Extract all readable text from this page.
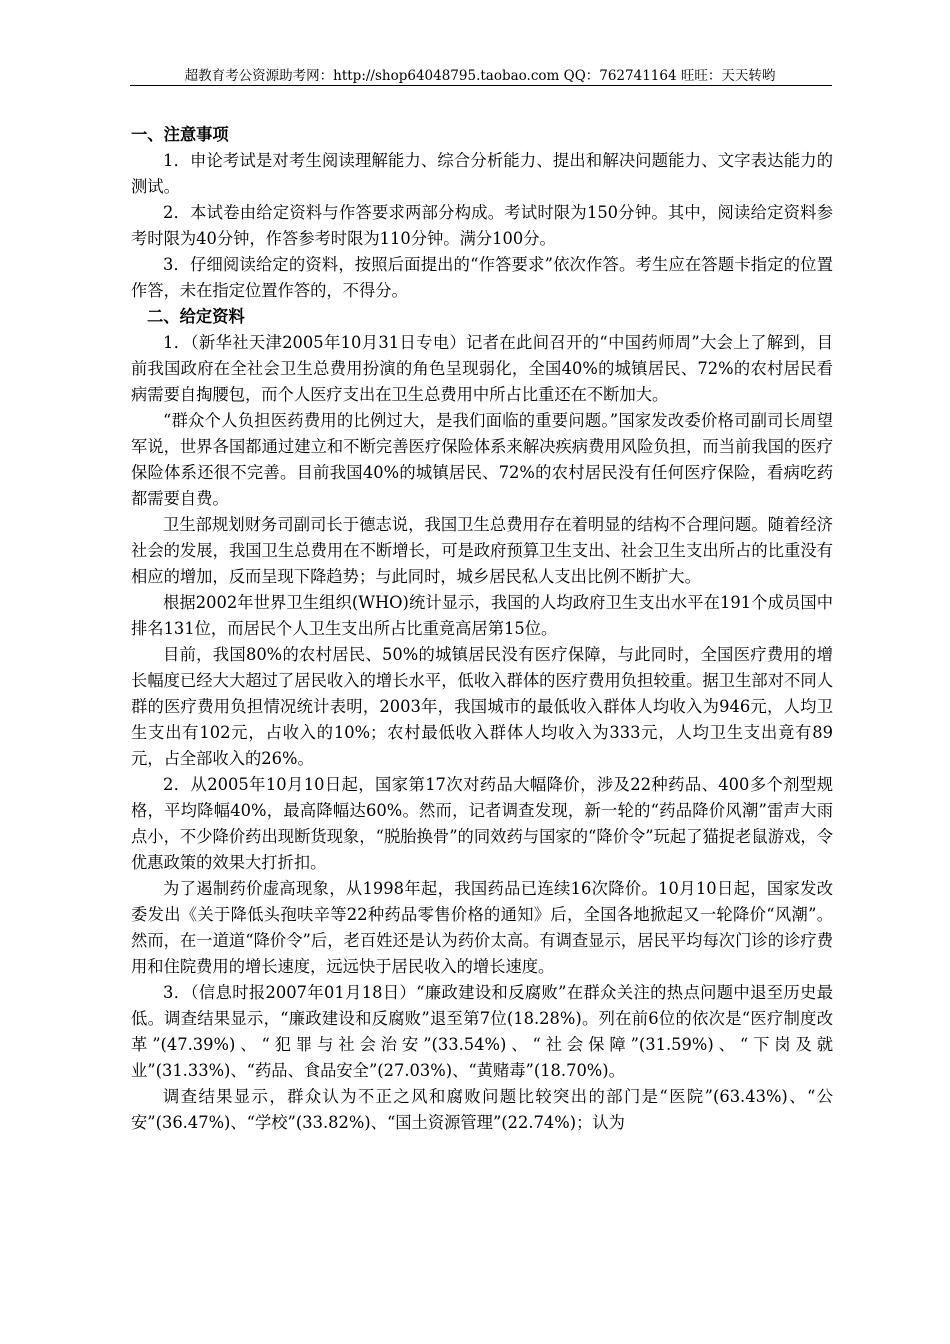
超教育考公资源助考网：http://shop64048795.taobao.com QQ：762741164 旺旺：天天转哟

一、注意事项

1．申论考试是对考生阅读理解能力、综合分析能力、提出和解决问题能力、文字表达能力的测试。

2．本试卷由给定资料与作答要求两部分构成。考试时限为150分钟。其中，阅读给定资料参考时限为40分钟，作答参考时限为110分钟。满分100分。

3．仔细阅读给定的资料，按照后面提出的“作答要求”依次作答。考生应在答题卡指定的位置作答，未在指定位置作答的，不得分。

二、给定资料

1．（新华社天津2005年10月31日专电）记者在此间召开的“中国药师周”大会上了解到，目前我国政府在全社会卫生总费用扮演的角色呈现弱化，全国40%的城镇居民、72%的农村居民看病需要自掏腰包，而个人医疗支出在卫生总费用中所占比重还在不断加大。

“群众个人负担医药费用的比例过大，是我们面临的重要问题。”国家发改委价格司副司长周望军说，世界各国都通过建立和不断完善医疗保险体系来解决疾病费用风险负担，而当前我国的医疗保险体系还很不完善。目前我国40%的城镇居民、72%的农村居民没有任何医疗保险，看病吃药都需要自费。

卫生部规划财务司副司长于德志说，我国卫生总费用存在着明显的结构不合理问题。随着经济社会的发展，我国卫生总费用在不断增长，可是政府预算卫生支出、社会卫生支出所占的比重没有相应的增加，反而呈现下降趋势；与此同时，城乡居民私人支出比例不断扩大。

根据2002年世界卫生组织(WHO)统计显示，我国的人均政府卫生支出水平在191个成员国中排名131位，而居民个人卫生支出所占比重竟高居第15位。

目前，我国80%的农村居民、50%的城镇居民没有医疗保障，与此同时，全国医疗费用的增长幅度已经大大超过了居民收入的增长水平，低收入群体的医疗费用负担较重。据卫生部对不同人群的医疗费用负担情况统计表明，2003年，我国城市的最低收入群体人均收入为946元，人均卫生支出有102元，占收入的10%；农村最低收入群体人均收入为333元，人均卫生支出竟有89元，占全部收入的26%。

2．从2005年10月10日起，国家第17次对药品大幅降价，涉及22种药品、400多个剂型规格，平均降幅40%，最高降幅达60%。然而，记者调查发现，新一轮的“药品降价风潮”雷声大雨点小，不少降价药出现断货现象，“脱胎换骨”的同效药与国家的“降价令”玩起了猫捉老鼠游戏，令优惠政策的效果大打折扣。

为了遏制药价虚高现象，从1998年起，我国药品已连续16次降价。10月10日起，国家发改委发出《关于降低头孢呋辛等22种药品零售价格的通知》后，全国各地掀起又一轮降价“风潮”。然而，在一道道“降价令”后，老百姓还是认为药价太高。有调查显示，居民平均每次门诊的诊疗费用和住院费用的增长速度，远远快于居民收入的增长速度。

3．（信息时报2007年01月18日）“廉政建设和反腐败”在群众关注的热点问题中退至历史最低。调查结果显示，“廉政建设和反腐败”退至第7位(18.28%)。列在前6位的依次是“医疗制度改革”(47.39%)、“犯罪与社会治安”(33.54%)、“社会保障”(31.59%)、“下岗及就业”(31.33%)、“药品、食品安全”(27.03%)、“黄赌毒”(18.70%)。

调查结果显示，群众认为不正之风和腐败问题比较突出的部门是“医院”(63.43%)、“公安”(36.47%)、“学校”(33.82%)、“国土资源管理”(22.74%)；认为
